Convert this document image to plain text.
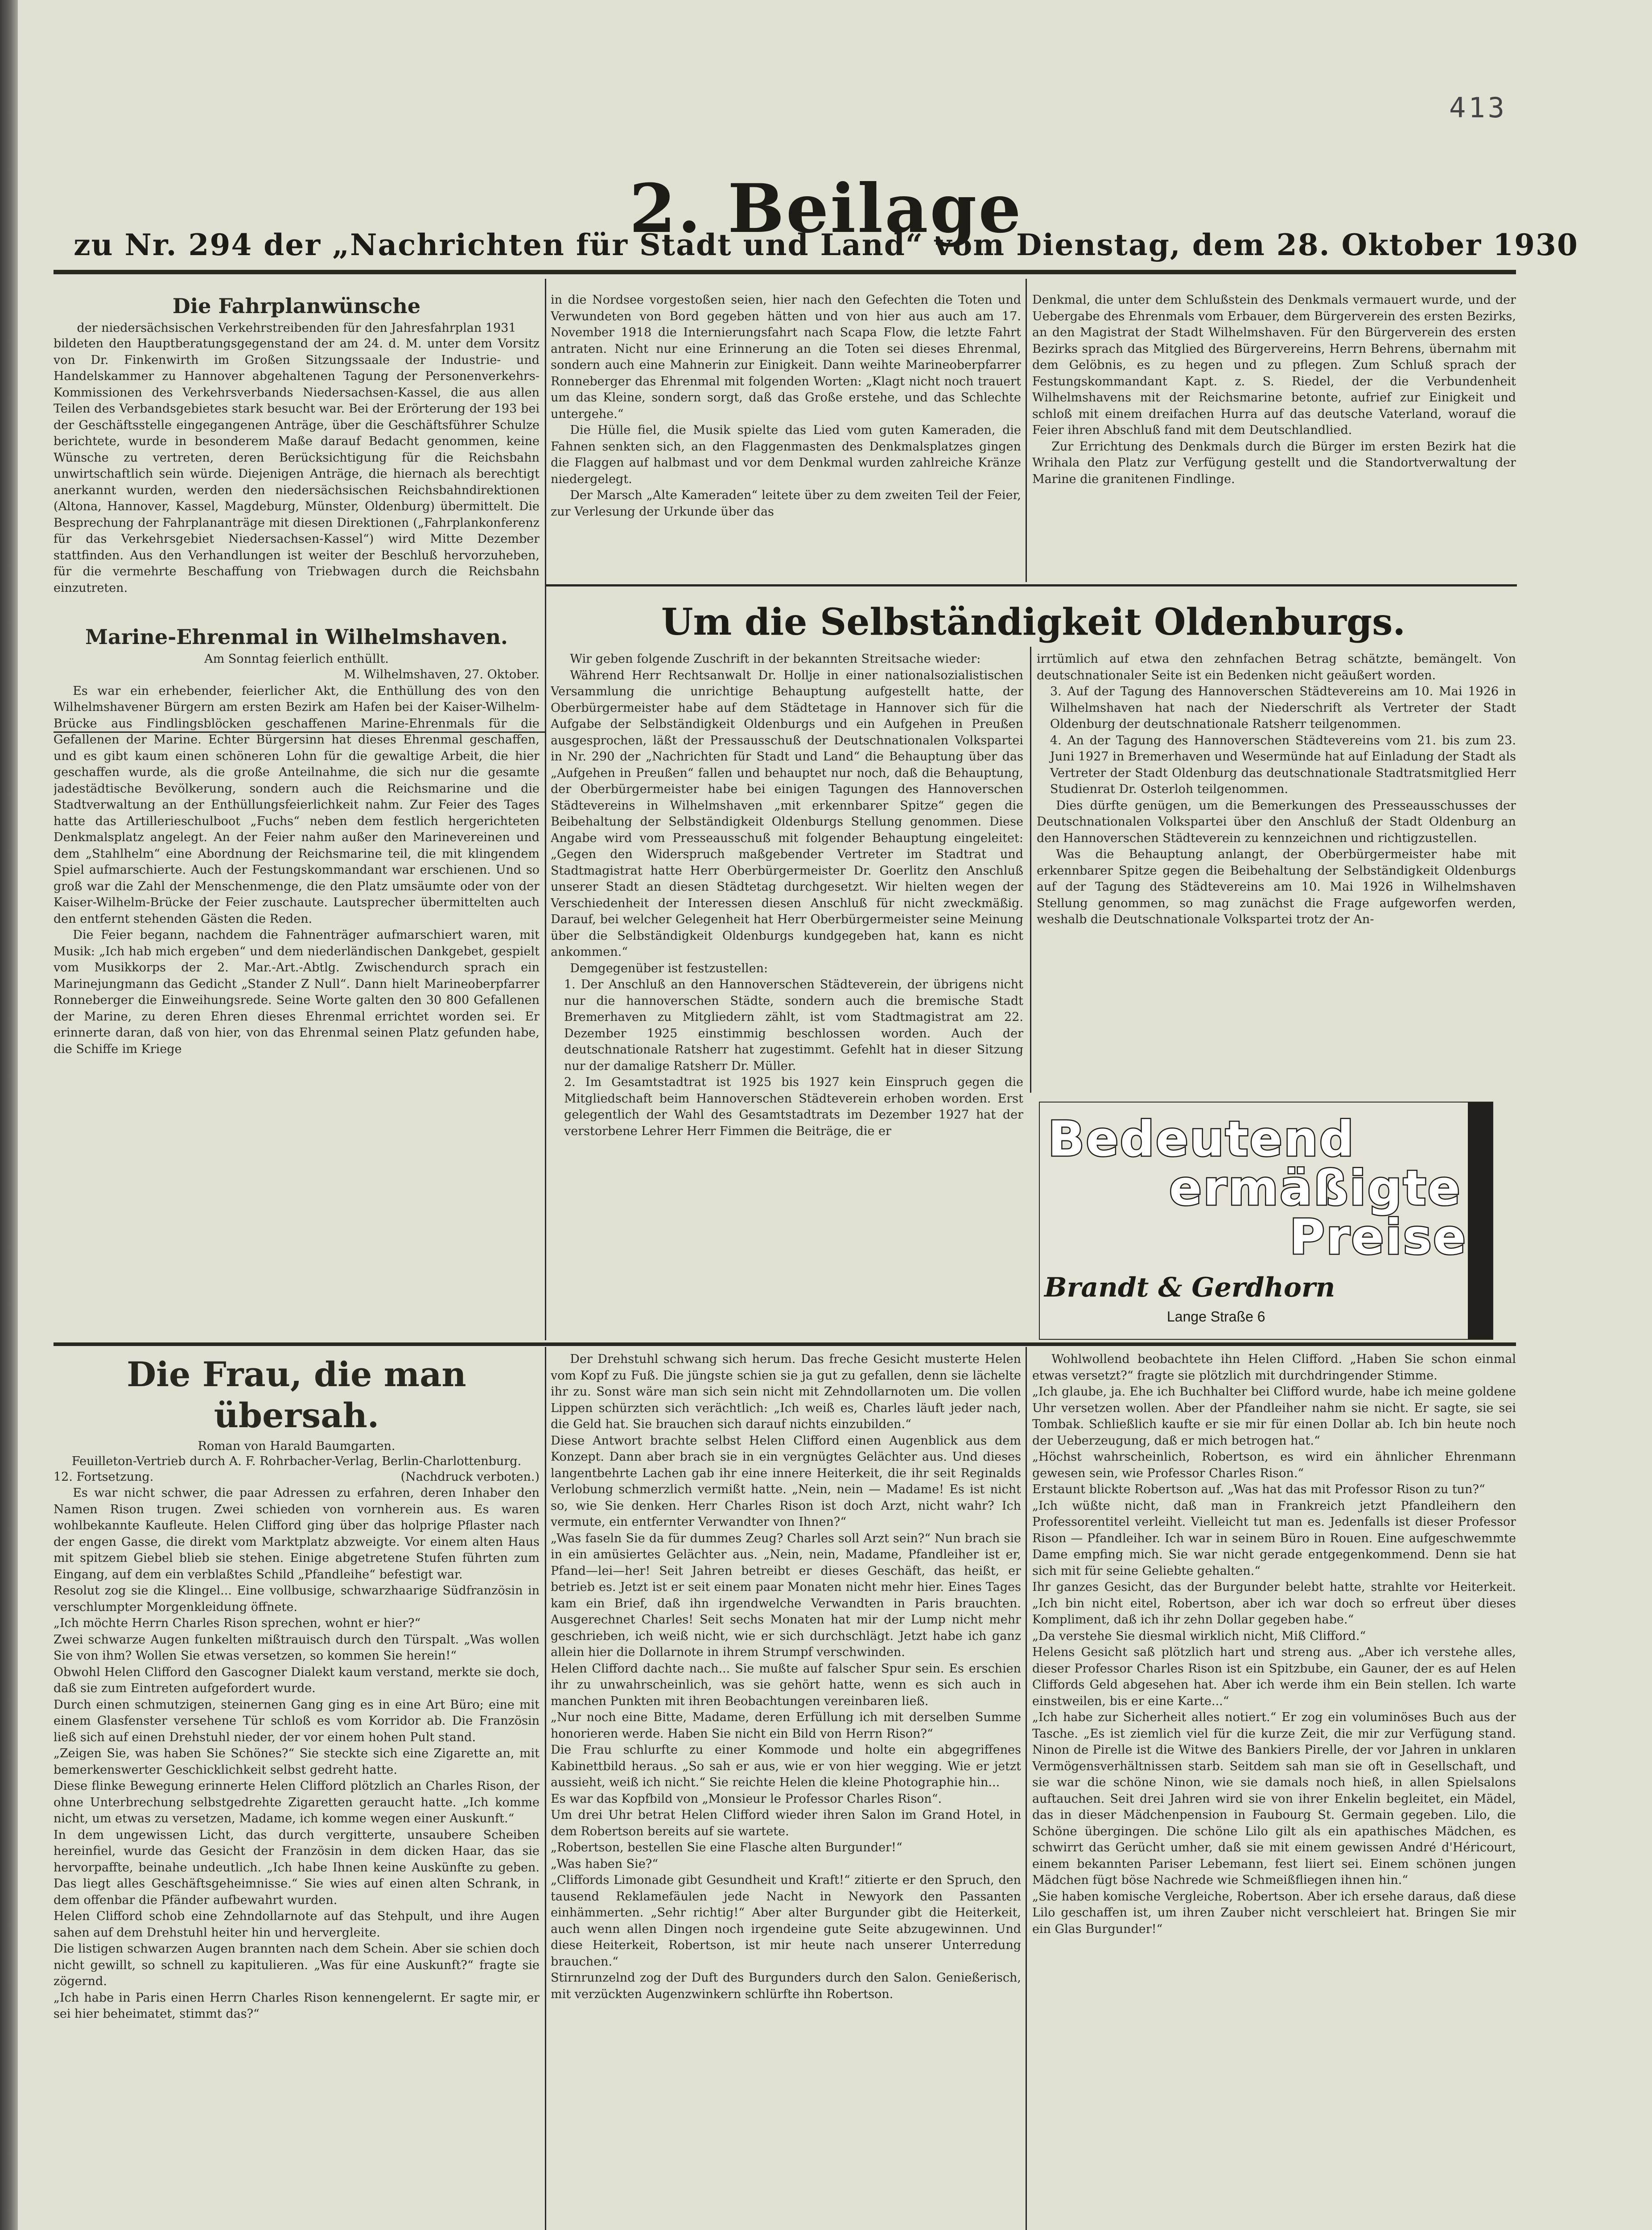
413
2. Beilage
zu Nr. 294 der „Nachrichten für Stadt und Land“ vom Dienstag, dem 28. Oktober 1930
Die Fahrplanwünsche
der niedersächsischen Verkehrstreibenden für den Jahresfahrplan 1931

bildeten den Hauptberatungsgegenstand der am 24. d. M. unter dem Vorsitz von Dr. Finkenwirth im Großen Sitzungssaale der Industrie- und Handelskammer zu Hannover abgehaltenen Tagung der Personenverkehrs-Kommissionen des Verkehrsverbands Niedersachsen-Kassel, die aus allen Teilen des Verbandsgebietes stark besucht war. Bei der Erörterung der 193 bei der Geschäftsstelle eingegangenen Anträge, über die Geschäftsführer Schulze berichtete, wurde in besonderem Maße darauf Bedacht genommen, keine Wünsche zu vertreten, deren Berücksichtigung für die Reichsbahn unwirtschaftlich sein würde. Diejenigen Anträge, die hiernach als berechtigt anerkannt wurden, werden den niedersächsischen Reichsbahndirektionen (Altona, Hannover, Kassel, Magdeburg, Münster, Oldenburg) übermittelt. Die Besprechung der Fahrplananträge mit diesen Direktionen („Fahrplankonferenz für das Verkehrsgebiet Niedersachsen-Kassel“) wird Mitte Dezember stattfinden. Aus den Verhandlungen ist weiter der Beschluß hervorzuheben, für die vermehrte Beschaffung von Triebwagen durch die Reichsbahn einzutreten.

Marine-Ehrenmal in Wilhelmshaven.
Am Sonntag feierlich enthüllt.

M. Wilhelmshaven, 27. Oktober.

Es war ein erhebender, feierlicher Akt, die Enthüllung des von den Wilhelmshavener Bürgern am ersten Bezirk am Hafen bei der Kaiser-Wilhelm-Brücke aus Findlingsblöcken geschaffenen Marine-Ehrenmals für die Gefallenen der Marine. Echter Bürgersinn hat dieses Ehrenmal geschaffen, und es gibt kaum einen schöneren Lohn für die gewaltige Arbeit, die hier geschaffen wurde, als die große Anteilnahme, die sich nur die gesamte jadestädtische Bevölkerung, sondern auch die Reichsmarine und die Stadtverwaltung an der Enthüllungsfeierlichkeit nahm. Zur Feier des Tages hatte das Artillerieschulboot „Fuchs“ neben dem festlich hergerichteten Denkmalsplatz angelegt. An der Feier nahm außer den Marinevereinen und dem „Stahlhelm“ eine Abordnung der Reichsmarine teil, die mit klingendem Spiel aufmarschierte. Auch der Festungskommandant war erschienen. Und so groß war die Zahl der Menschenmenge, die den Platz umsäumte oder von der Kaiser-Wilhelm-Brücke der Feier zuschaute. Lautsprecher übermittelten auch den entfernt stehenden Gästen die Reden.

Die Feier begann, nachdem die Fahnenträger aufmarschiert waren, mit Musik: „Ich hab mich ergeben“ und dem niederländischen Dankgebet, gespielt vom Musikkorps der 2. Mar.-Art.-Abtlg. Zwischendurch sprach ein Marinejungmann das Gedicht „Stander Z Null“. Dann hielt Marineoberpfarrer Ronneberger die Einweihungsrede. Seine Worte galten den 30 800 Gefallenen der Marine, zu deren Ehren dieses Ehrenmal errichtet worden sei. Er erinnerte daran, daß von hier, von das Ehrenmal seinen Platz gefunden habe, die Schiffe im Kriege

in die Nordsee vorgestoßen seien, hier nach den Gefechten die Toten und Verwundeten von Bord gegeben hätten und von hier aus auch am 17. November 1918 die Internierungsfahrt nach Scapa Flow, die letzte Fahrt antraten. Nicht nur eine Erinnerung an die Toten sei dieses Ehrenmal, sondern auch eine Mahnerin zur Einigkeit. Dann weihte Marineoberpfarrer Ronneberger das Ehrenmal mit folgenden Worten: „Klagt nicht noch trauert um das Kleine, sondern sorgt, daß das Große erstehe, und das Schlechte untergehe.“

Die Hülle fiel, die Musik spielte das Lied vom guten Kameraden, die Fahnen senkten sich, an den Flaggenmasten des Denkmalsplatzes gingen die Flaggen auf halbmast und vor dem Denkmal wurden zahlreiche Kränze niedergelegt.

Der Marsch „Alte Kameraden“ leitete über zu dem zweiten Teil der Feier, zur Verlesung der Urkunde über das

Denkmal, die unter dem Schlußstein des Denkmals vermauert wurde, und der Uebergabe des Ehrenmals vom Erbauer, dem Bürgerverein des ersten Bezirks, an den Magistrat der Stadt Wilhelmshaven. Für den Bürgerverein des ersten Bezirks sprach das Mitglied des Bürgervereins, Herrn Behrens, übernahm mit dem Gelöbnis, es zu hegen und zu pflegen. Zum Schluß sprach der Festungskommandant Kapt. z. S. Riedel, der die Verbundenheit Wilhelmshavens mit der Reichsmarine betonte, aufrief zur Einigkeit und schloß mit einem dreifachen Hurra auf das deutsche Vaterland, worauf die Feier ihren Abschluß fand mit dem Deutschlandlied.

Zur Errichtung des Denkmals durch die Bürger im ersten Bezirk hat die Wrihala den Platz zur Verfügung gestellt und die Standortverwaltung der Marine die granitenen Findlinge.

Um die Selbständigkeit Oldenburgs.

Wir geben folgende Zuschrift in der bekannten Streitsache wieder:

Während Herr Rechtsanwalt Dr. Hollje in einer nationalsozialistischen Versammlung die unrichtige Behauptung aufgestellt hatte, der Oberbürgermeister habe auf dem Städtetage in Hannover sich für die Aufgabe der Selbständigkeit Oldenburgs und ein Aufgehen in Preußen ausgesprochen, läßt der Pressausschuß der Deutschnationalen Volkspartei in Nr. 290 der „Nachrichten für Stadt und Land“ die Behauptung über das „Aufgehen in Preußen“ fallen und behauptet nur noch, daß die Behauptung, der Oberbürgermeister habe bei einigen Tagungen des Hannoverschen Städtevereins in Wilhelmshaven „mit erkennbarer Spitze“ gegen die Beibehaltung der Selbständigkeit Oldenburgs Stellung genommen. Diese Angabe wird vom Presseausschuß mit folgender Behauptung eingeleitet: „Gegen den Widerspruch maßgebender Vertreter im Stadtrat und Stadtmagistrat hatte Herr Oberbürgermeister Dr. Goerlitz den Anschluß unserer Stadt an diesen Städtetag durchgesetzt. Wir hielten wegen der Verschiedenheit der Interessen diesen Anschluß für nicht zweckmäßig. Darauf, bei welcher Gelegenheit hat Herr Oberbürgermeister seine Meinung über die Selbständigkeit Oldenburgs kundgegeben hat, kann es nicht ankommen.“

Demgegenüber ist festzustellen:

1. Der Anschluß an den Hannoverschen Städteverein, der übrigens nicht nur die hannoverschen Städte, sondern auch die bremische Stadt Bremerhaven zu Mitgliedern zählt, ist vom Stadtmagistrat am 22. Dezember 1925 einstimmig beschlossen worden. Auch der deutschnationale Ratsherr hat zugestimmt. Gefehlt hat in dieser Sitzung nur der damalige Ratsherr Dr. Müller.

2. Im Gesamtstadtrat ist 1925 bis 1927 kein Einspruch gegen die Mitgliedschaft beim Hannoverschen Städteverein erhoben worden. Erst gelegentlich der Wahl des Gesamtstadtrats im Dezember 1927 hat der verstorbene Lehrer Herr Fimmen die Beiträge, die er

irrtümlich auf etwa den zehnfachen Betrag schätzte, bemängelt. Von deutschnationaler Seite ist ein Bedenken nicht geäußert worden.

3. Auf der Tagung des Hannoverschen Städtevereins am 10. Mai 1926 in Wilhelmshaven hat nach der Niederschrift als Vertreter der Stadt Oldenburg der deutschnationale Ratsherr teilgenommen.

4. An der Tagung des Hannoverschen Städtevereins vom 21. bis zum 23. Juni 1927 in Bremerhaven und Wesermünde hat auf Einladung der Stadt als Vertreter der Stadt Oldenburg das deutschnationale Stadtratsmitglied Herr Studienrat Dr. Osterloh teilgenommen.

Dies dürfte genügen, um die Bemerkungen des Presseausschusses der Deutschnationalen Volkspartei über den Anschluß der Stadt Oldenburg an den Hannoverschen Städteverein zu kennzeichnen und richtigzustellen.

Was die Behauptung anlangt, der Oberbürgermeister habe mit erkennbarer Spitze gegen die Beibehaltung der Selbständigkeit Oldenburgs auf der Tagung des Städtevereins am 10. Mai 1926 in Wilhelmshaven Stellung genommen, so mag zunächst die Frage aufgeworfen werden, weshalb die Deutschnationale Volkspartei trotz der An-

Bedeutend
ermäßigte
Preise
Brandt & Gerdhorn
Lange Straße 6
Die Frau, die man übersah.
Roman von Harald Baumgarten.
Feuilleton-Vertrieb durch A. F. Rohrbacher-Verlag, Berlin-Charlottenburg.
12. Fortsetzung.	(Nachdruck verboten.)

Es war nicht schwer, die paar Adressen zu erfahren, deren Inhaber den Namen Rison trugen. Zwei schieden von vornherein aus. Es waren wohlbekannte Kaufleute. Helen Clifford ging über das holprige Pflaster nach der engen Gasse, die direkt vom Marktplatz abzweigte. Vor einem alten Haus mit spitzem Giebel blieb sie stehen. Einige abgetretene Stufen führten zum Eingang, auf dem ein verblaßtes Schild „Pfandleihe“ befestigt war.
Resolut zog sie die Klingel... Eine vollbusige, schwarzhaarige Südfranzösin in verschlumpter Morgenkleidung öffnete.
„Ich möchte Herrn Charles Rison sprechen, wohnt er hier?“
Zwei schwarze Augen funkelten mißtrauisch durch den Türspalt. „Was wollen Sie von ihm? Wollen Sie etwas versetzen, so kommen Sie herein!“
Obwohl Helen Clifford den Gascogner Dialekt kaum verstand, merkte sie doch, daß sie zum Eintreten aufgefordert wurde.
Durch einen schmutzigen, steinernen Gang ging es in eine Art Büro; eine mit einem Glasfenster versehene Tür schloß es vom Korridor ab. Die Französin ließ sich auf einen Drehstuhl nieder, der vor einem hohen Pult stand.
„Zeigen Sie, was haben Sie Schönes?“ Sie steckte sich eine Zigarette an, mit bemerkenswerter Geschicklichkeit selbst gedreht hatte.
Diese flinke Bewegung erinnerte Helen Clifford plötzlich an Charles Rison, der ohne Unterbrechung selbstgedrehte Zigaretten geraucht hatte. „Ich komme nicht, um etwas zu versetzen, Madame, ich komme wegen einer Auskunft.“
In dem ungewissen Licht, das durch vergitterte, unsaubere Scheiben hereinfiel, wurde das Gesicht der Französin in dem dicken Haar, das sie hervorpaffte, beinahe undeutlich. „Ich habe Ihnen keine Auskünfte zu geben. Das liegt alles Geschäftsgeheimnisse.“ Sie wies auf einen alten Schrank, in dem offenbar die Pfänder aufbewahrt wurden.
Helen Clifford schob eine Zehndollarnote auf das Stehpult, und ihre Augen sahen auf dem Drehstuhl heiter hin und hervergleite.
Die listigen schwarzen Augen brannten nach dem Schein. Aber sie schien doch nicht gewillt, so schnell zu kapitulieren. „Was für eine Auskunft?“ fragte sie zögernd.
„Ich habe in Paris einen Herrn Charles Rison kennengelernt. Er sagte mir, er sei hier beheimatet, stimmt das?“

Der Drehstuhl schwang sich herum. Das freche Gesicht musterte Helen vom Kopf zu Fuß. Die jüngste schien sie ja gut zu gefallen, denn sie lächelte ihr zu. Sonst wäre man sich sein nicht mit Zehndollarnoten um. Die vollen Lippen schürzten sich verächtlich: „Ich weiß es, Charles läuft jeder nach, die Geld hat. Sie brauchen sich darauf nichts einzubilden.“
Diese Antwort brachte selbst Helen Clifford einen Augenblick aus dem Konzept. Dann aber brach sie in ein vergnügtes Gelächter aus. Und dieses langentbehrte Lachen gab ihr eine innere Heiterkeit, die ihr seit Reginalds Verlobung schmerzlich vermißt hatte. „Nein, nein — Madame! Es ist nicht so, wie Sie denken. Herr Charles Rison ist doch Arzt, nicht wahr? Ich vermute, ein entfernter Verwandter von Ihnen?“
„Was faseln Sie da für dummes Zeug? Charles soll Arzt sein?“ Nun brach sie in ein amüsiertes Gelächter aus. „Nein, nein, Madame, Pfandleiher ist er, Pfand—lei—her! Seit Jahren betreibt er dieses Geschäft, das heißt, er betrieb es. Jetzt ist er seit einem paar Monaten nicht mehr hier. Eines Tages kam ein Brief, daß ihn irgendwelche Verwandten in Paris brauchten. Ausgerechnet Charles! Seit sechs Monaten hat mir der Lump nicht mehr geschrieben, ich weiß nicht, wie er sich durchschlägt. Jetzt habe ich ganz allein hier die Dollarnote in ihrem Strumpf verschwinden.
Helen Clifford dachte nach... Sie mußte auf falscher Spur sein. Es erschien ihr zu unwahrscheinlich, was sie gehört hatte, wenn es sich auch in manchen Punkten mit ihren Beobachtungen vereinbaren ließ.
„Nur noch eine Bitte, Madame, deren Erfüllung ich mit derselben Summe honorieren werde. Haben Sie nicht ein Bild von Herrn Rison?“
Die Frau schlurfte zu einer Kommode und holte ein abgegriffenes Kabinettbild heraus. „So sah er aus, wie er von hier wegging. Wie er jetzt aussieht, weiß ich nicht.“ Sie reichte Helen die kleine Photographie hin...
Es war das Kopfbild von „Monsieur le Professor Charles Rison“.
Um drei Uhr betrat Helen Clifford wieder ihren Salon im Grand Hotel, in dem Robertson bereits auf sie wartete.
„Robertson, bestellen Sie eine Flasche alten Burgunder!“
„Was haben Sie?“
„Cliffords Limonade gibt Gesundheit und Kraft!“ zitierte er den Spruch, den tausend Reklamefäulen jede Nacht in Newyork den Passanten einhämmerten. „Sehr richtig!“ Aber alter Burgunder gibt die Heiterkeit, auch wenn allen Dingen noch irgendeine gute Seite abzugewinnen. Und diese Heiterkeit, Robertson, ist mir heute nach unserer Unterredung brauchen.“
Stirnrunzelnd zog der Duft des Burgunders durch den Salon. Genießerisch, mit verzückten Augenzwinkern schlürfte ihn Robertson.

Wohlwollend beobachtete ihn Helen Clifford. „Haben Sie schon einmal etwas versetzt?“ fragte sie plötzlich mit durchdringender Stimme.
„Ich glaube, ja. Ehe ich Buchhalter bei Clifford wurde, habe ich meine goldene Uhr versetzen wollen. Aber der Pfandleiher nahm sie nicht. Er sagte, sie sei Tombak. Schließlich kaufte er sie mir für einen Dollar ab. Ich bin heute noch der Ueberzeugung, daß er mich betrogen hat.“
„Höchst wahrscheinlich, Robertson, es wird ein ähnlicher Ehrenmann gewesen sein, wie Professor Charles Rison.“
Erstaunt blickte Robertson auf. „Was hat das mit Professor Rison zu tun?“
„Ich wüßte nicht, daß man in Frankreich jetzt Pfandleihern den Professorentitel verleiht. Vielleicht tut man es. Jedenfalls ist dieser Professor Rison — Pfandleiher. Ich war in seinem Büro in Rouen. Eine aufgeschwemmte Dame empfing mich. Sie war nicht gerade entgegenkommend. Denn sie hat sich mit für seine Geliebte gehalten.“
Ihr ganzes Gesicht, das der Burgunder belebt hatte, strahlte vor Heiterkeit. „Ich bin nicht eitel, Robertson, aber ich war doch so erfreut über dieses Kompliment, daß ich ihr zehn Dollar gegeben habe.“
„Da verstehe Sie diesmal wirklich nicht, Miß Clifford.“
Helens Gesicht saß plötzlich hart und streng aus. „Aber ich verstehe alles, dieser Professor Charles Rison ist ein Spitzbube, ein Gauner, der es auf Helen Cliffords Geld abgesehen hat. Aber ich werde ihm ein Bein stellen. Ich warte einstweilen, bis er eine Karte...“
„Ich habe zur Sicherheit alles notiert.“ Er zog ein voluminöses Buch aus der Tasche. „Es ist ziemlich viel für die kurze Zeit, die mir zur Verfügung stand. Ninon de Pirelle ist die Witwe des Bankiers Pirelle, der vor Jahren in unklaren Vermögensverhältnissen starb. Seitdem sah man sie oft in Gesellschaft, und sie war die schöne Ninon, wie sie damals noch hieß, in allen Spielsalons auftauchen. Seit drei Jahren wird sie von ihrer Enkelin begleitet, ein Mädel, das in dieser Mädchenpension in Faubourg St. Germain gegeben. Lilo, die Schöne übergingen. Die schöne Lilo gilt als ein apathisches Mädchen, es schwirrt das Gerücht umher, daß sie mit einem gewissen André d'Héricourt, einem bekannten Pariser Lebemann, fest liiert sei. Einem schönen jungen Mädchen fügt böse Nachrede wie Schmeißfliegen ihnen hin.“
„Sie haben komische Vergleiche, Robertson. Aber ich ersehe daraus, daß diese Lilo geschaffen ist, um ihren Zauber nicht verschleiert hat. Bringen Sie mir ein Glas Burgunder!“
